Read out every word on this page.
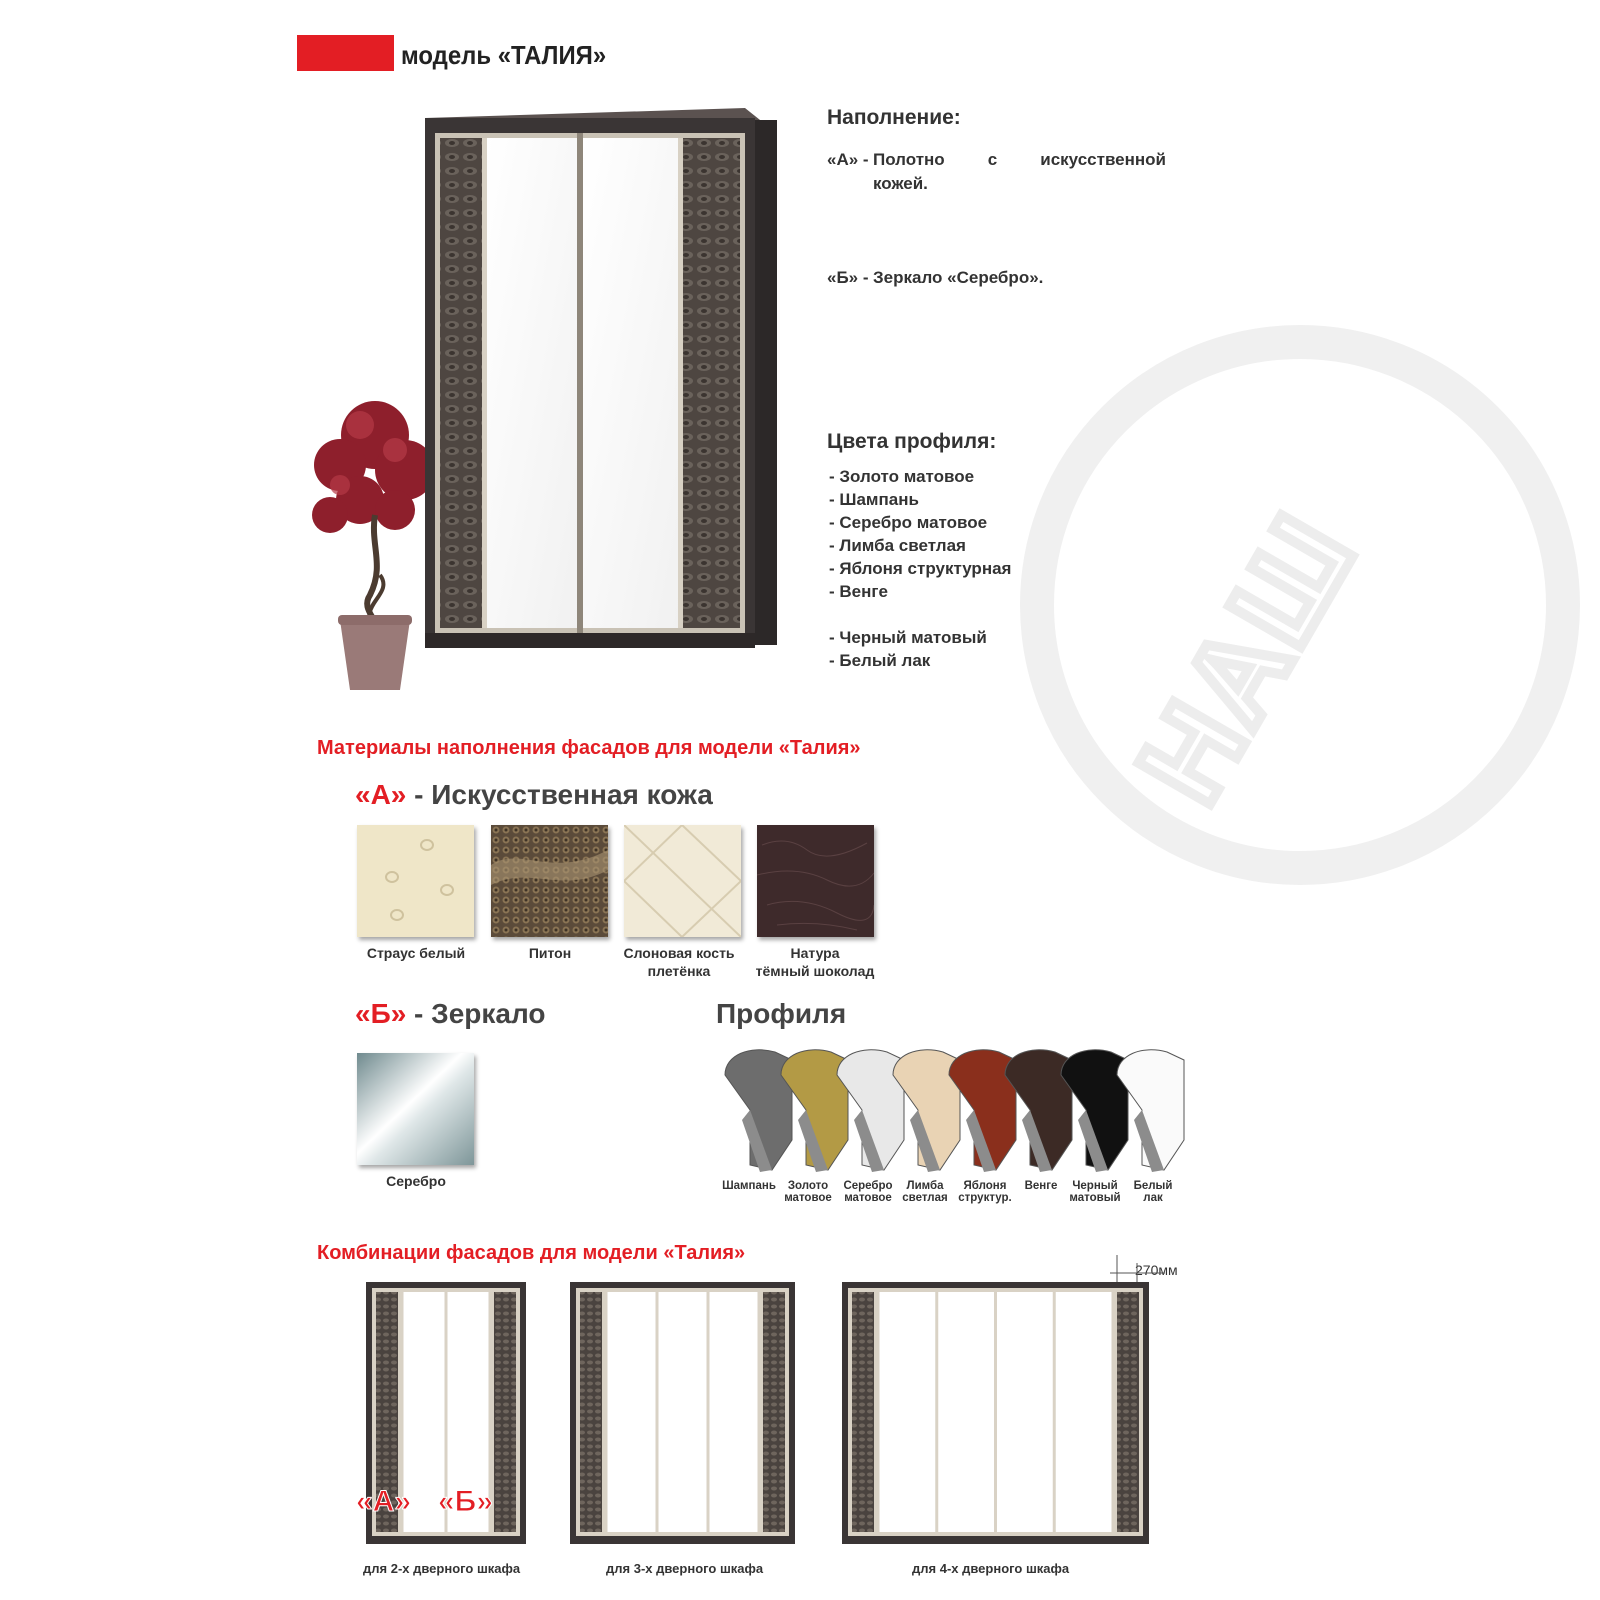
НАШ
модель «ТАЛИЯ»
Наполнение:
«А» - Полотно с искусственной
кожей.
«Б» - Зеркало «Серебро».
Цвета профиля:
- Золото матовое
- Шампань
- Серебро матовое
- Лимба светлая
- Яблоня структурная
- Венге
- Черный матовый
- Белый лак
Материалы наполнения фасадов для модели «Талия»
«А» - Искусственная кожа
Страус белый	Питон	Слоновая кость
плетёнка
Натура
тёмный шоколад
«Б» - Зеркало
Серебро
Профиля
Шампань	Золото
матовое
Серебро
матовое
Лимба
светлая
Яблоня
структур.
Венге	Черный
матовый
Белый
лак
Комбинации фасадов для модели «Талия»
270мм
«А» «Б»
для 2-х дверного шкафа	для 3-х дверного шкафа	для 4-х дверного шкафа
